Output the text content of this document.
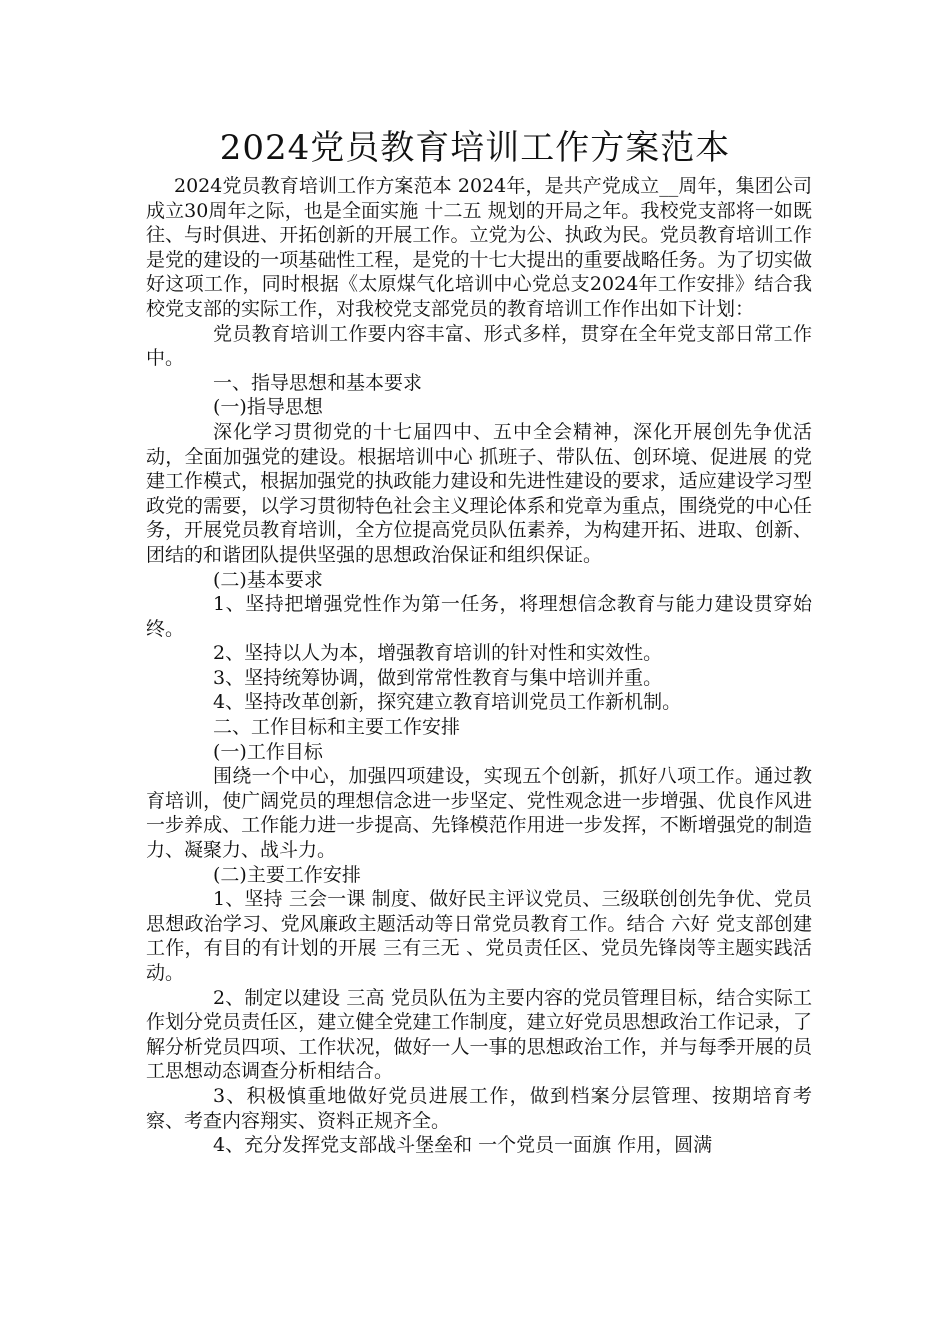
2024党员教育培训工作方案范本

2024党员教育培训工作方案范本 2024年，是共产党成立__周年，集团公司成立30周年之际，也是全面实施 十二五 规划的开局之年。我校党支部将一如既往、与时俱进、开拓创新的开展工作。立党为公、执政为民。党员教育培训工作是党的建设的一项基础性工程，是党的十七大提出的重要战略任务。为了切实做好这项工作，同时根据《太原煤气化培训中心党总支2024年工作安排》结合我校党支部的实际工作，对我校党支部党员的教育培训工作作出如下计划：

党员教育培训工作要内容丰富、形式多样，贯穿在全年党支部日常工作中。

一、指导思想和基本要求

(一)指导思想

深化学习贯彻党的十七届四中、五中全会精神，深化开展创先争优活动，全面加强党的建设。根据培训中心 抓班子、带队伍、创环境、促进展 的党建工作模式，根据加强党的执政能力建设和先进性建设的要求，适应建设学习型政党的需要，以学习贯彻特色社会主义理论体系和党章为重点，围绕党的中心任务，开展党员教育培训，全方位提高党员队伍素养，为构建开拓、进取、创新、团结的和谐团队提供坚强的思想政治保证和组织保证。

(二)基本要求

1、坚持把增强党性作为第一任务，将理想信念教育与能力建设贯穿始终。

2、坚持以人为本，增强教育培训的针对性和实效性。

3、坚持统筹协调，做到常常性教育与集中培训并重。

4、坚持改革创新，探究建立教育培训党员工作新机制。

二、工作目标和主要工作安排

(一)工作目标

围绕一个中心，加强四项建设，实现五个创新，抓好八项工作。通过教育培训，使广阔党员的理想信念进一步坚定、党性观念进一步增强、优良作风进一步养成、工作能力进一步提高、先锋模范作用进一步发挥，不断增强党的制造力、凝聚力、战斗力。

(二)主要工作安排

1、坚持 三会一课 制度、做好民主评议党员、三级联创创先争优、党员思想政治学习、党风廉政主题活动等日常党员教育工作。结合 六好 党支部创建工作，有目的有计划的开展 三有三无 、党员责任区、党员先锋岗等主题实践活动。

2、制定以建设 三高 党员队伍为主要内容的党员管理目标，结合实际工作划分党员责任区，建立健全党建工作制度，建立好党员思想政治工作记录，了解分析党员四项、工作状况，做好一人一事的思想政治工作，并与每季开展的员工思想动态调查分析相结合。

3、积极慎重地做好党员进展工作，做到档案分层管理、按期培育考察、考查内容翔实、资料正规齐全。

4、充分发挥党支部战斗堡垒和 一个党员一面旗 作用，圆满
